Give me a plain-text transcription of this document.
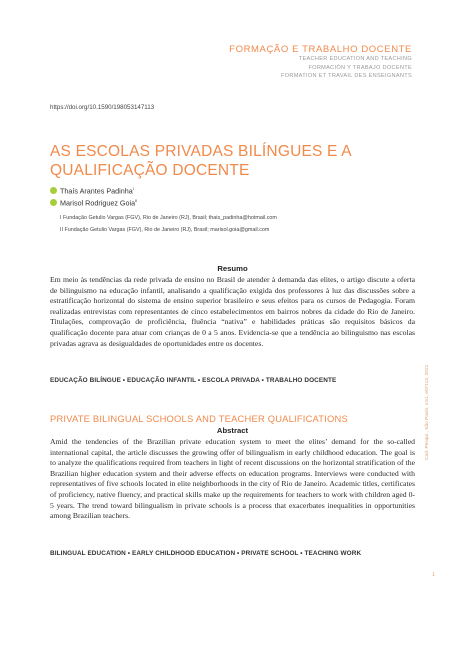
FORMAÇÃO E TRABALHO DOCENTE
TEACHER EDUCATION AND TEACHING
FORMACIÓN Y TRABAJO DOCENTE
FORMATION ET TRAVAIL DES ENSEIGNANTS
https://doi.org/10.1590/198053147113
AS ESCOLAS PRIVADAS BILÍNGUES E A QUALIFICAÇÃO DOCENTE
Thaís Arantes Padinha$^I$
Marisol Rodriguez Goia$^{II}$
I Fundação Getulio Vargas (FGV), Rio de Janeiro (RJ), Brasil; thais_padinha@hotmail.com
II Fundação Getulio Vargas (FGV), Rio de Janeiro (RJ), Brasil; marisol.goia@gmail.com
Resumo
Em meio às tendências da rede privada de ensino no Brasil de atender à demanda das elites, o artigo discute a oferta de bilinguismo na educação infantil, analisando a qualificação exigida dos professores à luz das discussões sobre a estratificação horizontal do sistema de ensino superior brasileiro e seus efeitos para os cursos de Pedagogia. Foram realizadas entrevistas com representantes de cinco estabelecimentos em bairros nobres da cidade do Rio de Janeiro. Titulações, comprovação de proficiência, fluência “nativa” e habilidades práticas são requisitos básicos da qualificação docente para atuar com crianças de 0 a 5 anos. Evidencia-se que a tendência ao bilinguismo nas escolas privadas agrava as desigualdades de oportunidades entre os docentes.
EDUCAÇÃO BILÍNGUE • EDUCAÇÃO INFANTIL • ESCOLA PRIVADA • TRABALHO DOCENTE
PRIVATE BILINGUAL SCHOOLS AND TEACHER QUALIFICATIONS
Abstract
Amid the tendencies of the Brazilian private education system to meet the elites’ demand for the so-called international capital, the article discusses the growing offer of bilingualism in early childhood education. The goal is to analyze the qualifications required from teachers in light of recent discussions on the horizontal stratification of the Brazilian higher education system and their adverse effects on education programs. Interviews were conducted with representatives of five schools located in elite neighborhoods in the city of Rio de Janeiro. Academic titles, certificates of proficiency, native fluency, and practical skills make up the requirements for teachers to work with children aged 0-5 years. The trend toward bilingualism in private schools is a process that exacerbates inequalities in opportunities among Brazilian teachers.
BILINGUAL EDUCATION • EARLY CHILDHOOD EDUCATION • PRIVATE SCHOOL • TEACHING WORK
Cad. Pesqui., São Paulo, v.51, e07113, 2021
1
